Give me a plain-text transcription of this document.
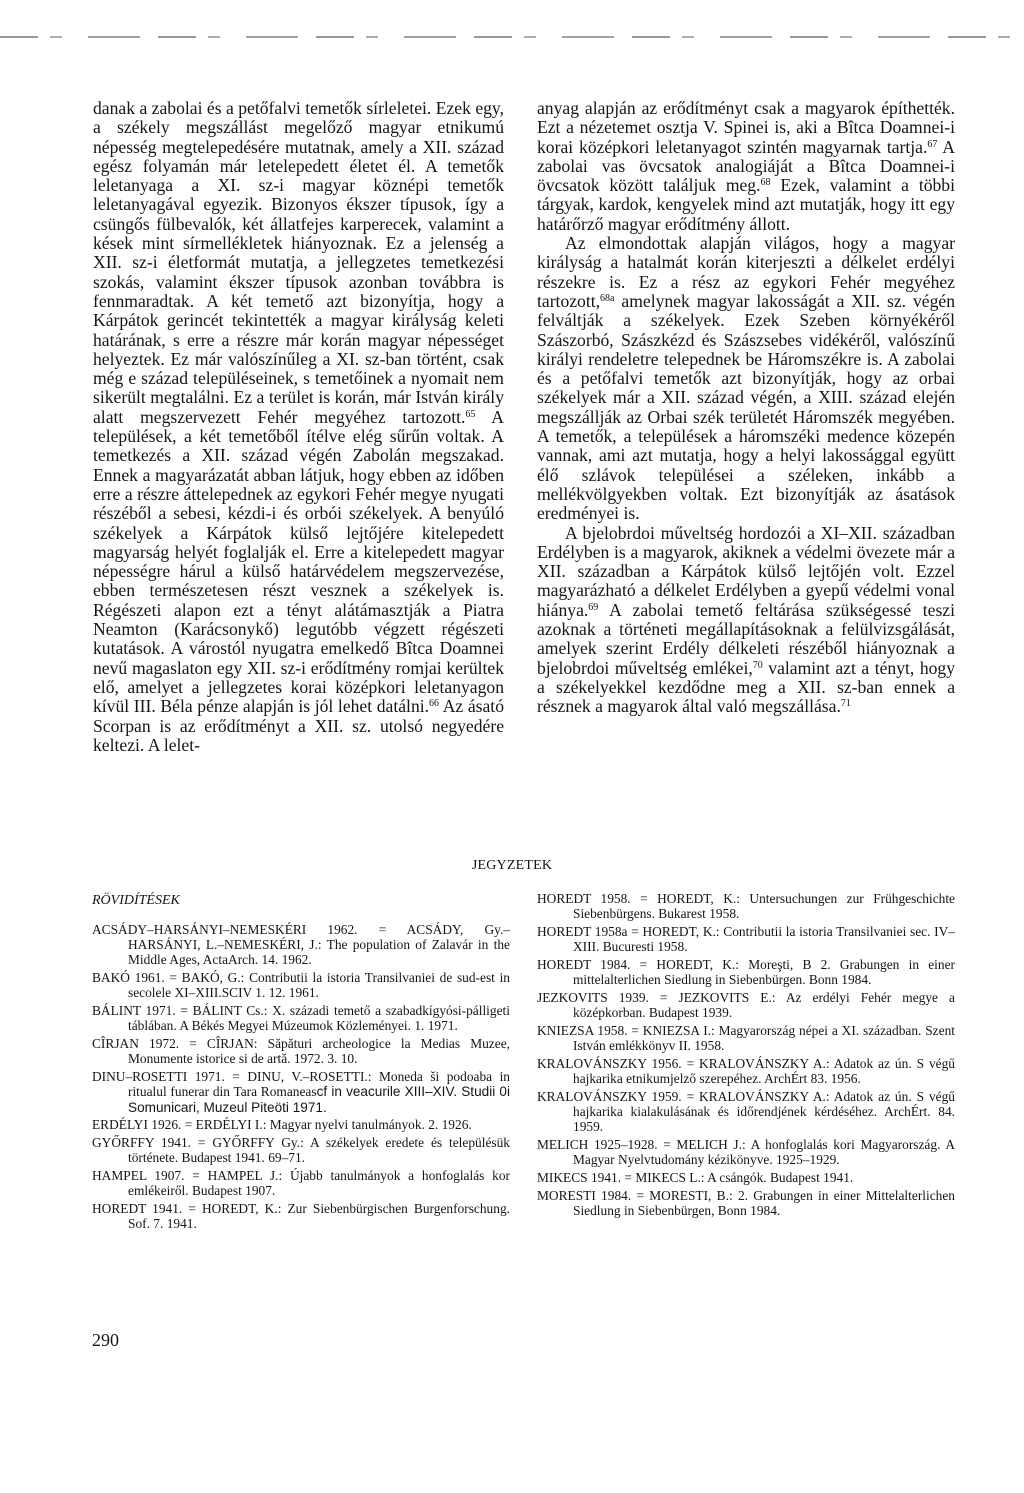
danak a zabolai és a petőfalvi temetők sírleletei. Ezek egy, a székely megszállást megelőző magyar etnikumú népesség megtelepedésére mutatnak, amely a XII. század egész folyamán már letelepedett életet él. A temetők leletanyaga a XI. sz-i magyar köznépi temetők leletanyagával egyezik. Bizonyos ékszer típusok, így a csüngős fülbevalók, két állatfejes karperecek, valamint a kések mint sírmellékletek hiányoznak. Ez a jelenség a XII. sz-i életformát mutatja, a jellegzetes temetkezési szokás, valamint ékszer típusok azonban továbbra is fennmaradtak. A két temető azt bizonyítja, hogy a Kárpátok gerincét tekintették a magyar királyság keleti határának, s erre a részre már korán magyar népességet helyeztek. Ez már valószínűleg a XI. sz-ban történt, csak még e század településeinek, s temetőinek a nyomait nem sikerült megtalálni. Ez a terület is korán, már István király alatt megszervezett Fehér megyéhez tartozott.$^{65}$ A települések, a két temetőből ítélve elég sűrűn voltak. A temetkezés a XII. század végén Zabolán megszakad. Ennek a magyarázatát abban látjuk, hogy ebben az időben erre a részre áttelepednek az egykori Fehér megye nyugati részéből a sebesi, kézdi-i és orbói székelyek. A benyúló székelyek a Kárpátok külső lejtőjére kitelepedett magyarság helyét foglalják el. Erre a kitelepedett magyar népességre hárul a külső határvédelem megszervezése, ebben természetesen részt vesznek a székelyek is. Régészeti alapon ezt a tényt alátámasztják a Piatra Neamton (Karácsonykő) legutóbb végzett régészeti kutatások. A várostól nyugatra emelkedő Bîtca Doamnei nevű magaslaton egy XII. sz-i erődítmény romjai kerültek elő, amelyet a jellegzetes korai középkori leletanyagon kívül III. Béla pénze alapján is jól lehet datálni.$^{66}$ Az ásató Scorpan is az erődítményt a XII. sz. utolsó negyedére keltezi. A lelet-

anyag alapján az erődítményt csak a magyarok építhették. Ezt a nézetemet osztja V. Spinei is, aki a Bîtca Doamnei-i korai középkori leletanyagot szintén magyarnak tartja.$^{67}$ A zabolai vas övcsatok analogiáját a Bîtca Doamnei-i övcsatok között találjuk meg.$^{68}$ Ezek, valamint a többi tárgyak, kardok, kengyelek mind azt mutatják, hogy itt egy határőrző magyar erődítmény állott.

Az elmondottak alapján világos, hogy a magyar királyság a hatalmát korán kiterjeszti a délkelet erdélyi részekre is. Ez a rész az egykori Fehér megyéhez tartozott,$^{68a}$ amelynek magyar lakosságát a XII. sz. végén felváltják a székelyek. Ezek Szeben környékéről Szászorbó, Szászkézd és Szászsebes vidékéről, valószínű királyi rendeletre telepednek be Háromszékre is. A zabolai és a petőfalvi temetők azt bizonyítják, hogy az orbai székelyek már a XII. század végén, a XIII. század elején megszállják az Orbai szék területét Háromszék megyében. A temetők, a települések a háromszéki medence közepén vannak, ami azt mutatja, hogy a helyi lakossággal együtt élő szlávok települései a széleken, inkább a mellékvölgyekben voltak. Ezt bizonyítják az ásatások eredményei is.

A bjelobrdoi műveltség hordozói a XI–XII. században Erdélyben is a magyarok, akiknek a védelmi övezete már a XII. században a Kárpátok külső lejtőjén volt. Ezzel magyarázható a délkelet Erdélyben a gyepű védelmi vonal hiánya.$^{69}$ A zabolai temető feltárása szükségessé teszi azoknak a történeti megállapításoknak a felülvizsgálását, amelyek szerint Erdély délkeleti részéből hiányoznak a bjelobrdoi műveltség emlékei,$^{70}$ valamint azt a tényt, hogy a székelyekkel kezdődne meg a XII. sz-ban ennek a résznek a magyarok által való megszállása.$^{71}$

JEGYZETEK
RÖVIDÍTÉSEK
ACSÁDY–HARSÁNYI–NEMESKÉRI 1962. = ACSÁDY, Gy.–HARSÁNYI, L.–NEMESKÉRI, J.: The population of Zalavár in the Middle Ages, ActaArch. 14. 1962.
BAKÓ 1961. = BAKÓ, G.: Contributii la istoria Transilvaniei de sud-est in secolele XI–XIII.SCIV 1. 12. 1961.
BÁLINT 1971. = BÁLINT Cs.: X. századi temető a szabadkígyósi-pálligeti táblában. A Békés Megyei Múzeumok Közleményei. 1. 1971.
CÎRJAN 1972. = CÎRJAN: Săpături archeologice la Medias Muzee, Monumente istorice si de artă. 1972. 3. 10.
DINU–ROSETTI 1971. = DINU, V.–ROSETTI.: Moneda ši podoaba in ritualul funerar din Tara Romaneascf in veacurile XIII–XIV. Studii 0i Somunicari, Muzeul Piteöti 1971.
ERDÉLYI 1926. = ERDÉLYI I.: Magyar nyelvi tanulmányok. 2. 1926.
GYŐRFFY 1941. = GYŐRFFY Gy.: A székelyek eredete és településük története. Budapest 1941. 69–71.
HAMPEL 1907. = HAMPEL J.: Újabb tanulmányok a honfoglalás kor emlékeiről. Budapest 1907.
HOREDT 1941. = HOREDT, K.: Zur Siebenbürgischen Burgenforschung. Sof. 7. 1941.
HOREDT 1958. = HOREDT, K.: Untersuchungen zur Frühgeschichte Siebenbürgens. Bukarest 1958.
HOREDT 1958a = HOREDT, K.: Contributii la istoria Transilvaniei sec. IV–XIII. Bucuresti 1958.
HOREDT 1984. = HOREDT, K.: Moreşti, B 2. Grabungen in einer mittelalterlichen Siedlung in Siebenbürgen. Bonn 1984.
JEZKOVITS 1939. = JEZKOVITS E.: Az erdélyi Fehér megye a középkorban. Budapest 1939.
KNIEZSA 1958. = KNIEZSA I.: Magyarország népei a XI. században. Szent István emlékkönyv II. 1958.
KRALOVÁNSZKY 1956. = KRALOVÁNSZKY A.: Adatok az ún. S végű hajkarika etnikumjelző szerepéhez. ArchÉrt 83. 1956.
KRALOVÁNSZKY 1959. = KRALOVÁNSZKY A.: Adatok az ún. S végű hajkarika kialakulásának és időrendjének kérdéséhez. ArchÉrt. 84. 1959.
MELICH 1925–1928. = MELICH J.: A honfoglalás kori Magyarország. A Magyar Nyelvtudomány kézikönyve. 1925–1929.
MIKECS 1941. = MIKECS L.: A csángók. Budapest 1941.
MORESTI 1984. = MORESTI, B.: 2. Grabungen in einer Mittelalterlichen Siedlung in Siebenbürgen, Bonn 1984.
290
